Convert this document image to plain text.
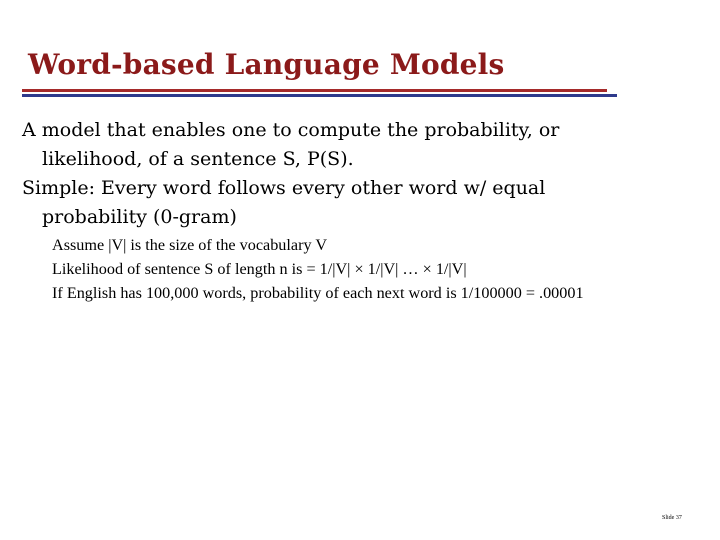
Word-based Language Models

A model that enables one to compute the probability, or likelihood, of a sentence S, P(S).

Simple: Every word follows every other word w/ equal probability (0-gram)

Assume |V| is the size of the vocabulary V

Likelihood of sentence S of length n is = 1/|V| × 1/|V| … × 1/|V|

If English has 100,000 words, probability of each next word is 1/100000 = .00001

Slide 37
